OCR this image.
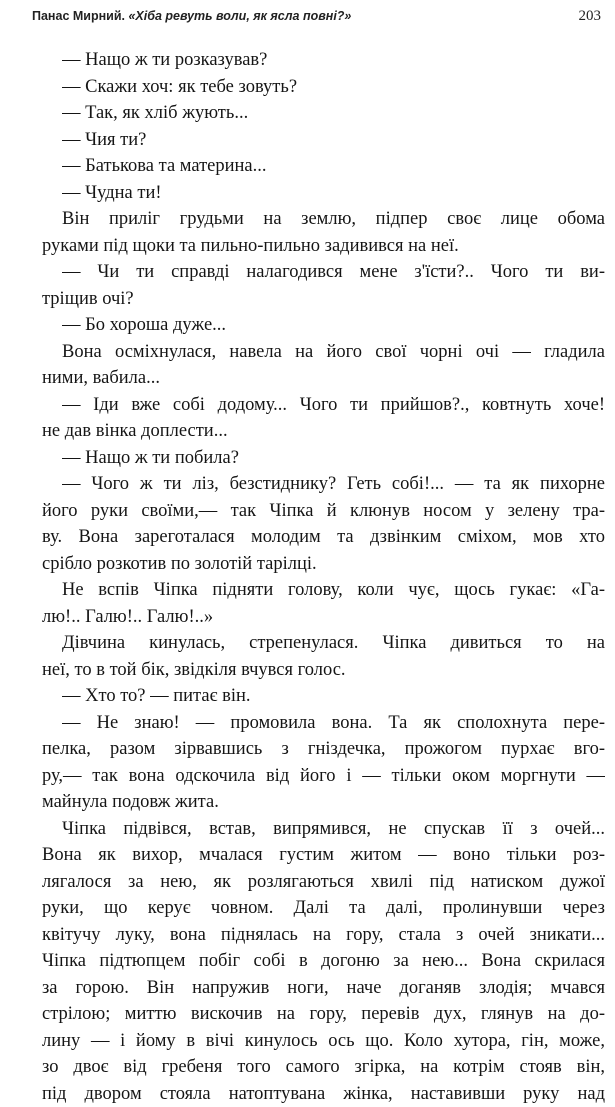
Панас Мирний. «Хіба ревуть воли, як ясла повні?»	203
— Нащо ж ти розказував?
— Скажи хоч: як тебе зовуть?
— Так, як хліб жують...
— Чия ти?
— Батькова та материна...
— Чудна ти!
Він приліг грудьми на землю, підпер своє лице обома
руками під щоки та пильно-пильно задивився на неї.
— Чи ти справді налагодився мене з'їсти?.. Чого ти ви-
тріщив очі?
— Бо хороша дуже...
Вона осміхнулася, навела на його свої чорні очі — гладила
ними, вабила...
— Іди вже собі додому... Чого ти прийшов?., ковтнуть хоче!
не дав вінка доплести...
— Нащо ж ти побила?
— Чого ж ти ліз, безстиднику? Геть собі!... — та як пихорне
його руки своїми,— так Чіпка й клюнув носом у зелену тра-
ву. Вона зареготалася молодим та дзвінким сміхом, мов хто
срібло розкотив по золотій тарілці.
Не вспів Чіпка підняти голову, коли чує, щось гукає: «Га-
лю!.. Галю!.. Галю!..»
Дівчина кинулась, стрепенулася. Чіпка дивиться то на
неї, то в той бік, звідкіля вчувся голос.
— Хто то? — питає він.
— Не знаю! — промовила вона. Та як сполохнута пере-
пелка, разом зірвавшись з гніздечка, прожогом пурхає вго-
ру,— так вона одскочила від його і — тільки оком моргнути —
майнула подовж жита.
Чіпка підвівся, встав, випрямився, не спускав її з очей...
Вона як вихор, мчалася густим житом — воно тільки роз-
лягалося за нею, як розлягаються хвилі під натиском дужої
руки, що керує човном. Далі та далі, пролинувши через
квітучу луку, вона піднялась на гору, стала з очей зникати...
Чіпка підтюпцем побіг собі в догоню за нею... Вона скрилася
за горою. Він напружив ноги, наче доганяв злодія; мчався
стрілою; миттю вискочив на гору, перевів дух, глянув на до-
лину — і йому в вічі кинулось ось що. Коло хутора, гін, може,
зо двоє від гребеня того самого згірка, на котрім стояв він,
під двором стояла натоптувана жінка, наставивши руку над
